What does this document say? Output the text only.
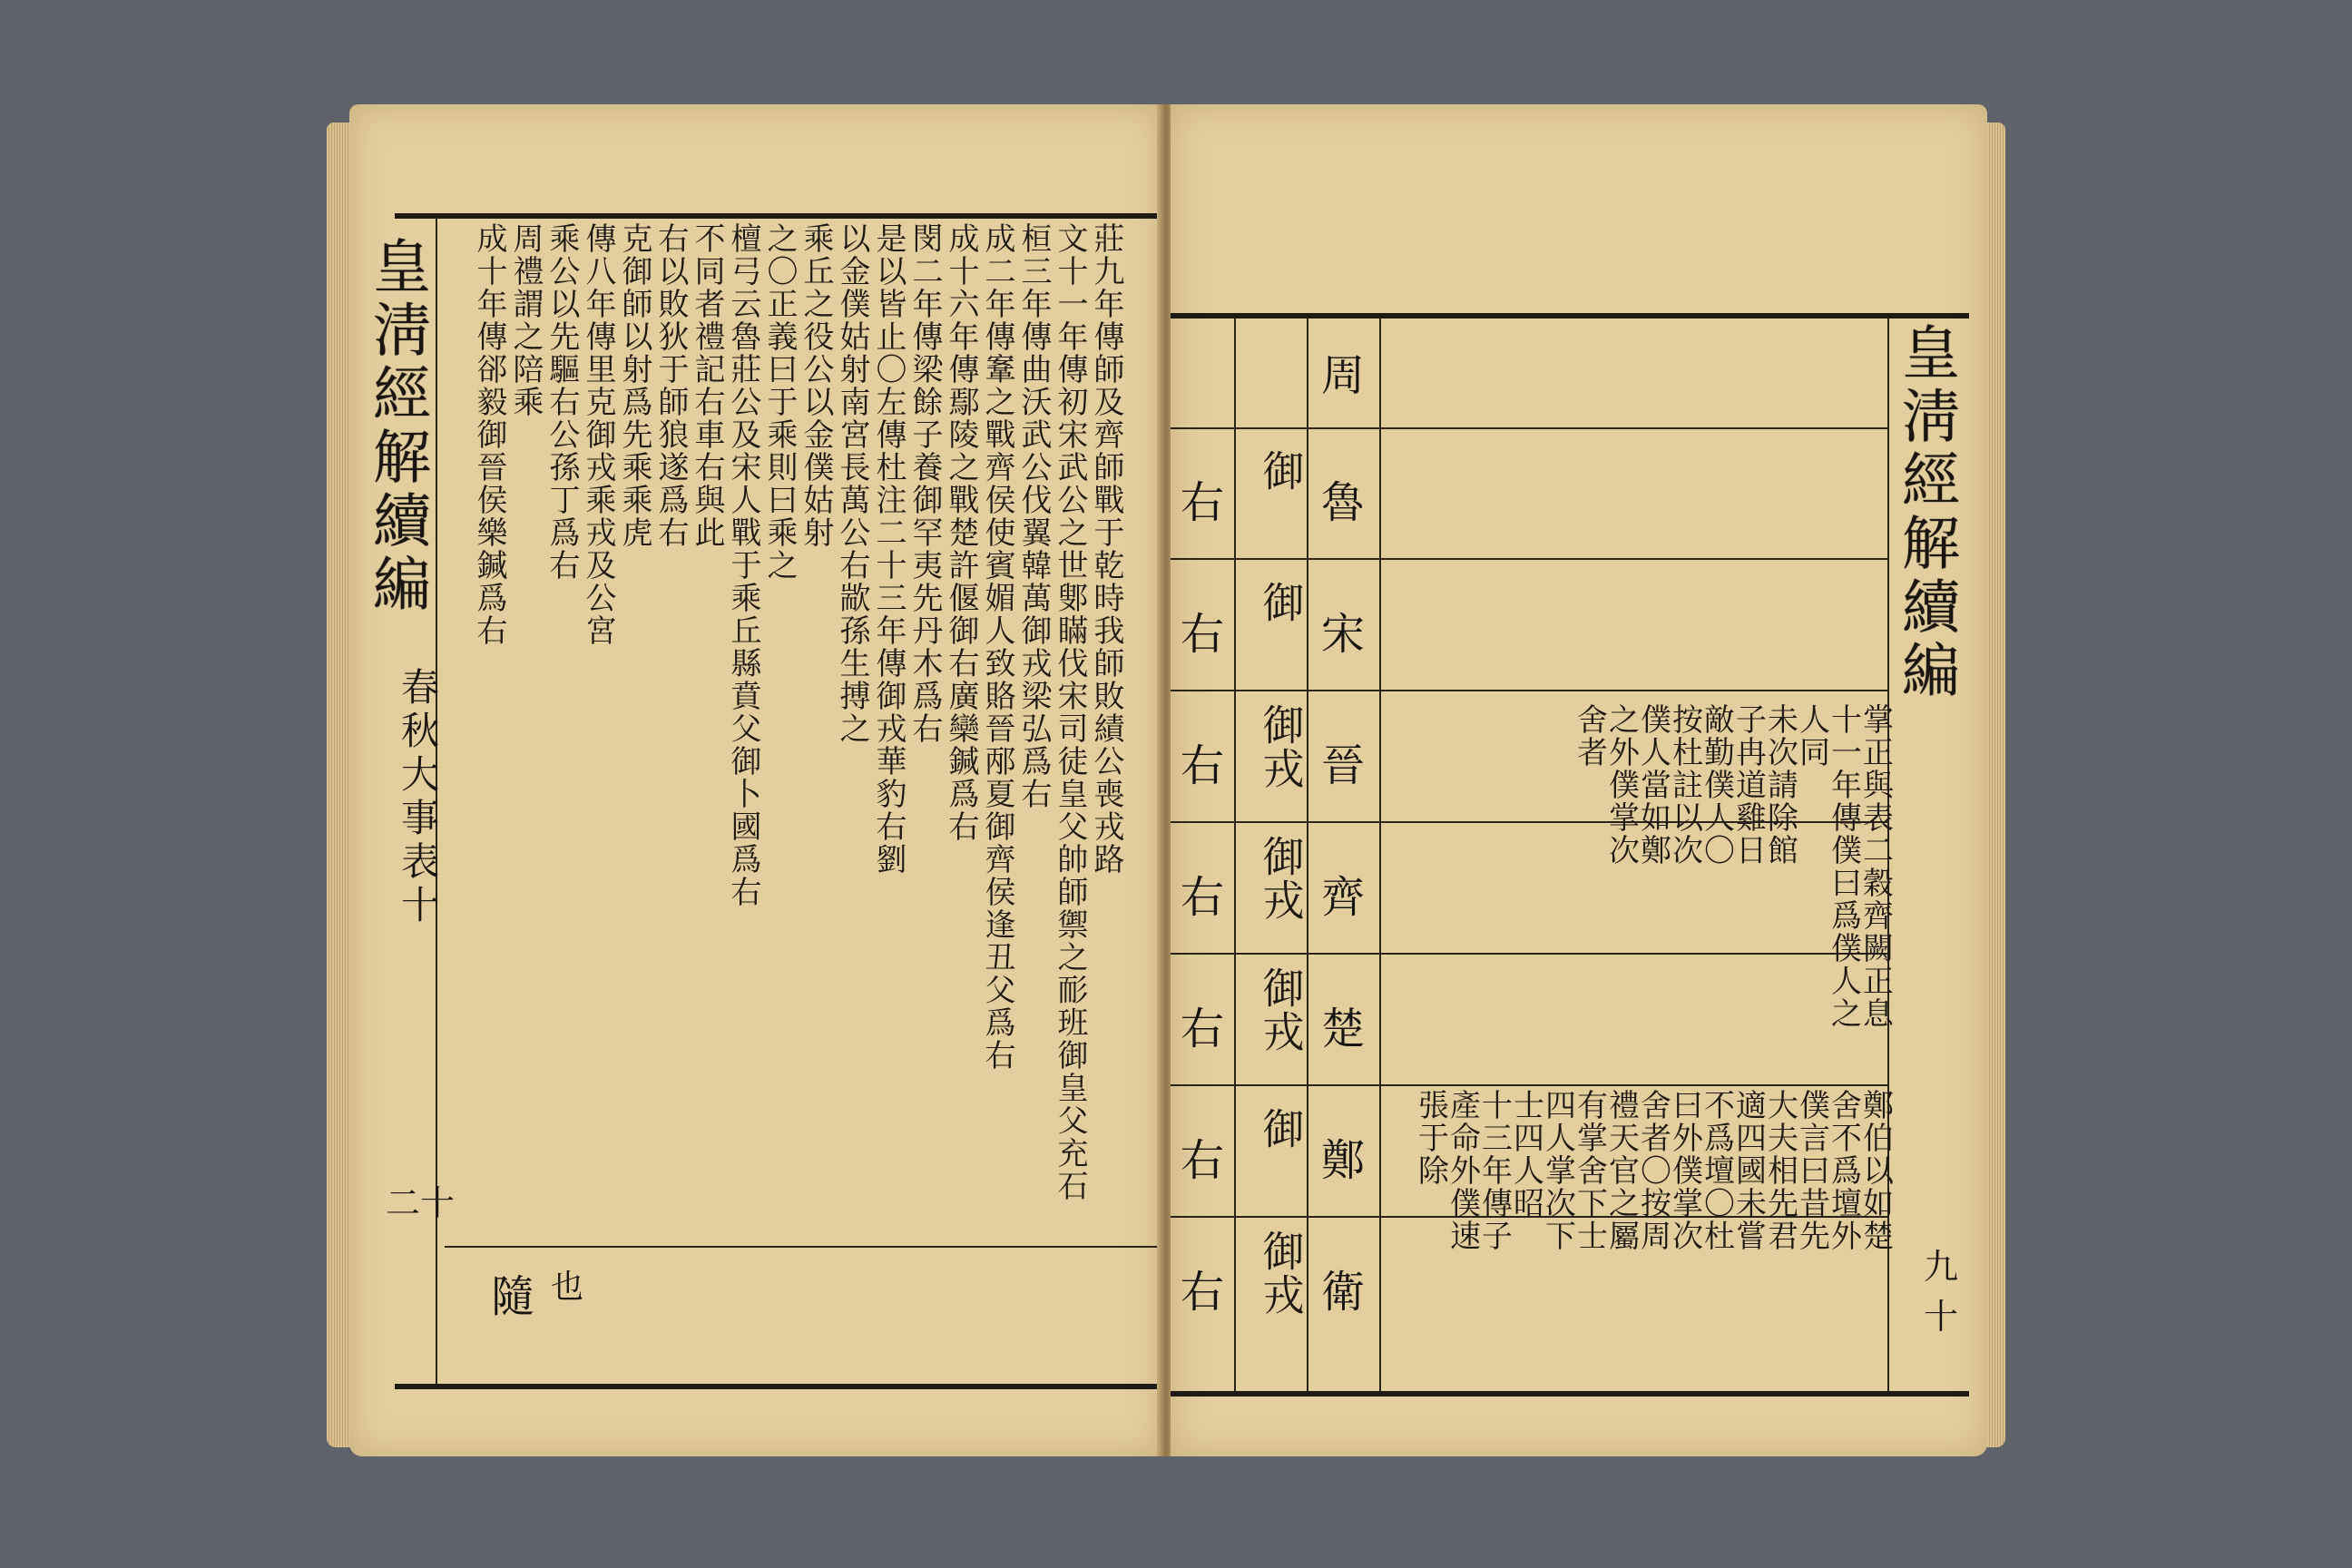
皇淸經解續編
春秋大事表十
二十
莊九年傳師及齊師戰于乾時我師敗績公喪戎路
文十一年傳初宋武公之世鄋瞞伐宋司徒皇父帥師禦之耏班御皇父充石
桓三年傳曲沃武公伐翼韓萬御戎梁弘爲右
成二年傳鞌之戰齊侯使賓媚人致賂晉邴夏御齊侯逢丑父爲右
成十六年傳鄢陵之戰楚許偃御右廣欒鍼爲右
閔二年傳梁餘子養御罕夷先丹木爲右
是以皆止〇左傳杜注二十三年傳御戎華豹右劉
以金僕姑射南宮長萬公右歂孫生搏之
乘丘之役公以金僕姑射
之〇正義曰于乘則曰乘之
檀弓云魯莊公及宋人戰于乘丘縣賁父御卜國爲右
不同者禮記右車右與此
右以敗狄于師狼遂爲右
克御師以射爲先乘乘虎
傳八年傳里克御戎乘戎及公宮
乘公以先驅右公孫丁爲右
周禮謂之陪乘
成十年傳郤毅御晉侯樂鍼爲右
隨 也
皇淸經解續編
九十
周
魯
宋
晉
齊
楚
鄭
衛
御
御
御戎
御戎
御戎
御
御戎
右
右
右
右
右
右
右
掌正與表二穀齊闕正息
十一年傳僕曰爲僕人之
人同
未次請除館
子冉道雞日
敵勤僕人〇
按杜註以次
僕人當如鄭
之外僕掌次
舍者
鄭伯以如楚
舍不爲壇外
僕言曰昔先
大夫相先君
適四國未嘗
不爲壇〇杜
曰外僕掌次
舍者〇按周
禮天官之屬
有掌舍下士
四人掌次下
士四人昭
十三年傳子
產命外僕速
張于除
